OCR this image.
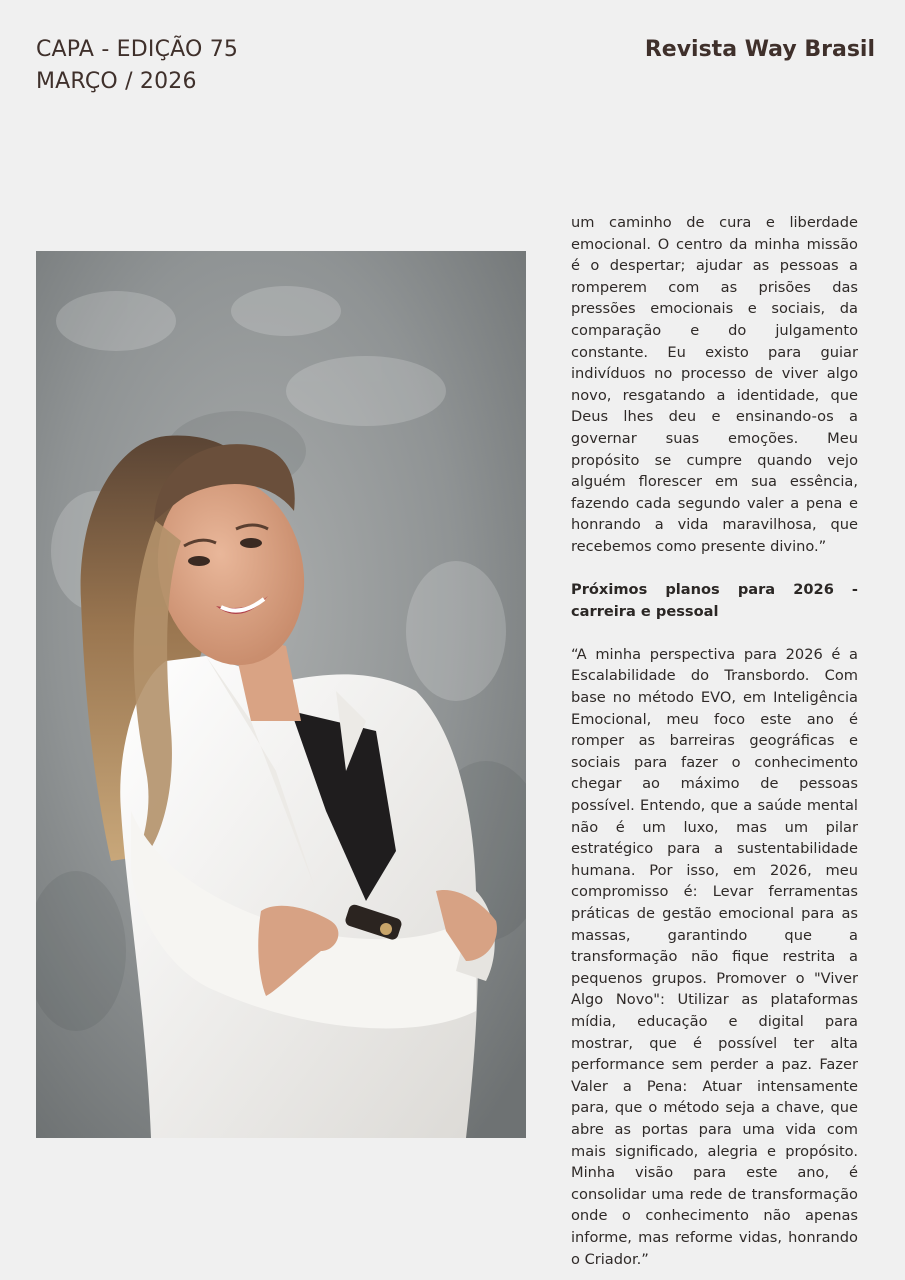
CAPA - EDIÇÃO 75
MARÇO / 2026
Revista Way Brasil

um caminho de cura e liberdade emocional. O centro da minha missão é o despertar; ajudar as pessoas a romperem com as prisões das pressões emocionais e sociais, da comparação e do julgamento constante. Eu existo para guiar indivíduos no processo de viver algo novo, resgatando a identidade, que Deus lhes deu e ensinando-os a governar suas emoções. Meu propósito se cumpre quando vejo alguém florescer em sua essência, fazendo cada segundo valer a pena e honrando a vida maravilhosa, que recebemos como presente divino.”

Próximos planos para 2026 - carreira e pessoal

“A minha perspectiva para 2026 é a Escalabilidade do Transbordo. Com base no método EVO, em Inteligência Emocional, meu foco este ano é romper as barreiras geográficas e sociais para fazer o conhecimento chegar ao máximo de pessoas possível. Entendo, que a saúde mental não é um luxo, mas um pilar estratégico para a sustentabilidade humana. Por isso, em 2026, meu compromisso é: Levar ferramentas práticas de gestão emocional para as massas, garantindo que a transformação não fique restrita a pequenos grupos. Promover o "Viver Algo Novo": Utilizar as plataformas mídia, educação e digital para mostrar, que é possível ter alta performance sem perder a paz. Fazer Valer a Pena: Atuar intensamente para, que o método seja a chave, que abre as portas para uma vida com mais significado, alegria e propósito. Minha visão para este ano, é consolidar uma rede de transformação onde o conhecimento não apenas informe, mas reforme vidas, honrando o Criador.”
